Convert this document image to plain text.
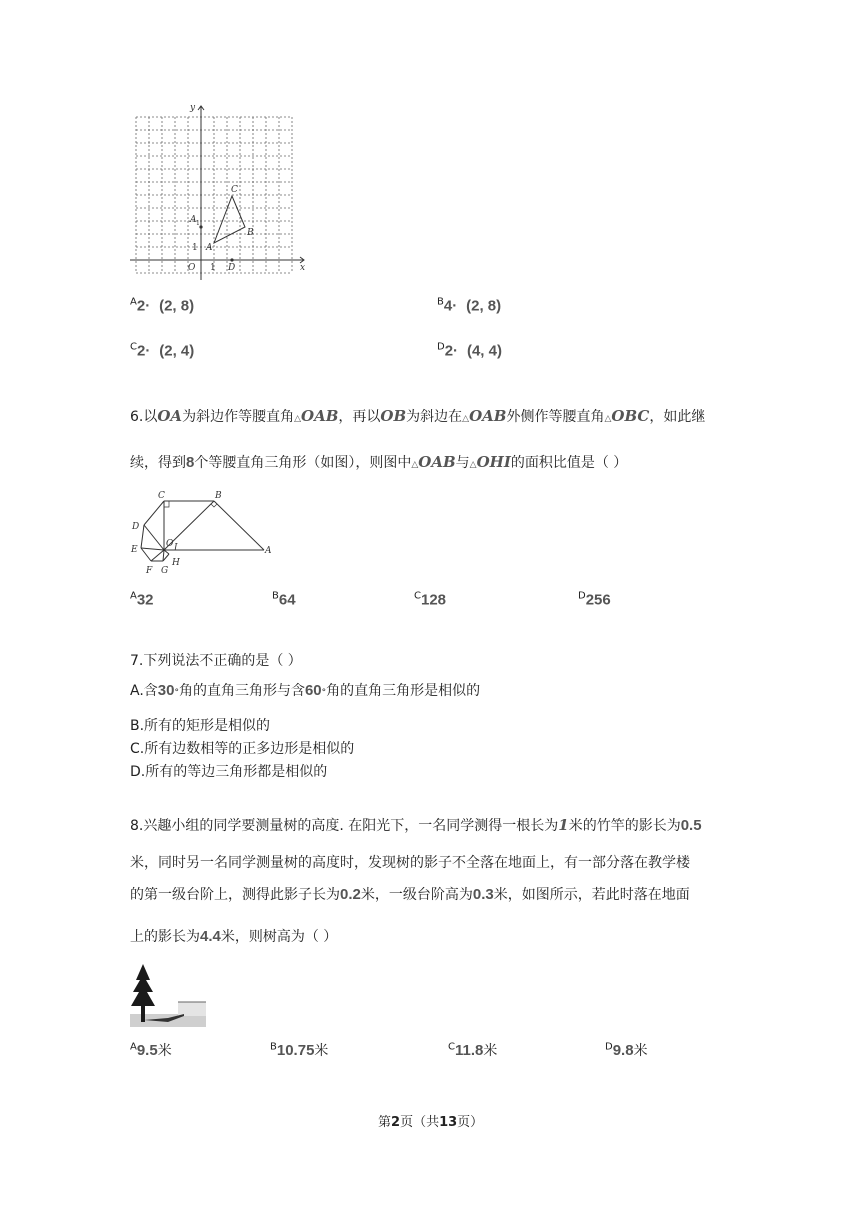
x
y
C
B
A
A 1
O
1
1 D
$^A$2· (2, 8)	$^B$4· (2, 8)
$^C$2· (2, 4)	$^D$2· (4, 4)
6.以OA为斜边作等腰直角△OAB，再以OB为斜边在△OAB外侧作等腰直角△OBC，如此继
续，得到8个等腰直角三角形（如图），则图中△OAB与△OHI的面积比值是（ ）
C	B
D
O I
E	A
F G
H
$^A$32	$^B$64	$^C$128	$^D$256
7.下列说法不正确的是（ ）
A.含30°角的直角三角形与含60°角的直角三角形是相似的
B.所有的矩形是相似的
C.所有边数相等的正多边形是相似的
D.所有的等边三角形都是相似的
8.兴趣小组的同学要测量树的高度. 在阳光下，一名同学测得一根长为1米的竹竿的影长为0.5
米，同时另一名同学测量树的高度时，发现树的影子不全落在地面上，有一部分落在教学楼
的第一级台阶上，测得此影子长为0.2米，一级台阶高为0.3米，如图所示，若此时落在地面
上的影长为4.4米，则树高为（ ）
$^A$9.5米	$^B$10.75米	$^C$11.8米	$^D$9.8米
第2页（共13页）
